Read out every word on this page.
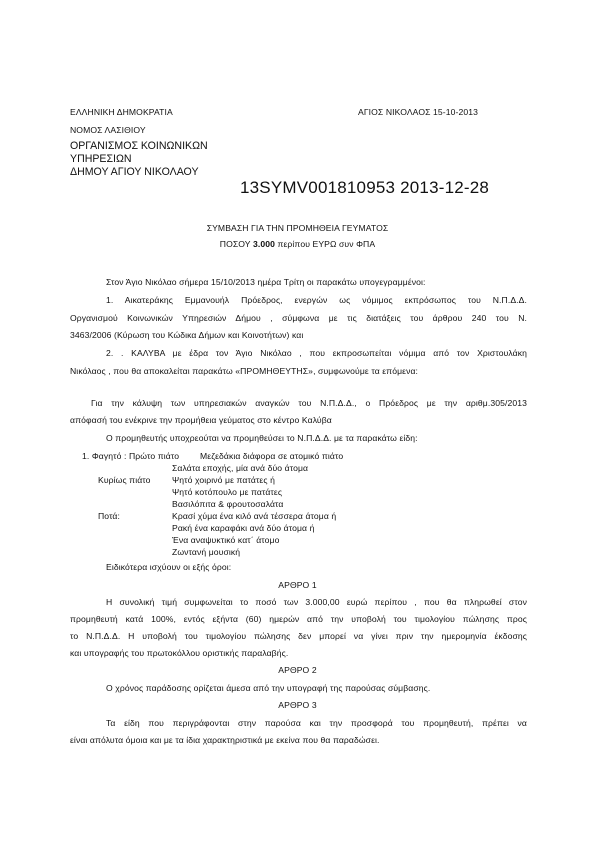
ΕΛΛΗΝΙΚΗ ΔΗΜΟΚΡΑΤΙΑ	ΑΓΙΟΣ ΝΙΚΟΛΑΟΣ 15-10-2013
ΝΟΜΟΣ ΛΑΣΙΘΙΟΥ
ΟΡΓΑΝΙΣΜΟΣ ΚΟΙΝΩΝΙΚΩΝ
ΥΠΗΡΕΣΙΩΝ
ΔΗΜΟΥ ΑΓΙΟΥ ΝΙΚΟΛΑΟΥ
13SYMV001810953 2013-12-28
ΣΥΜΒΑΣΗ ΓΙΑ ΤΗΝ ΠΡΟΜΗΘΕΙΑ ΓΕΥΜΑΤΟΣ
ΠΟΣΟΥ 3.000 περίπου ΕΥΡΩ συν ΦΠΑ
Στον Άγιο Νικόλαο σήμερα 15/10/2013 ημέρα Τρίτη οι παρακάτω υπογεγραμμένοι:
1. Αικατεράκης Εμμανουήλ Πρόεδρος, ενεργών ως νόμιμος εκπρόσωπος του Ν.Π.Δ.Δ.
Οργανισμού Κοινωνικών Υπηρεσιών Δήμου , σύμφωνα με τις διατάξεις του άρθρου 240 του Ν.
3463/2006 (Κύρωση του Κώδικα Δήμων και Κοινοτήτων) και
2. . ΚΑΛΥΒΑ με έδρα τον Άγιο Νικόλαο , που εκπροσωπείται νόμιμα από τον Χριστουλάκη
Νικόλαος , που θα αποκαλείται παρακάτω «ΠΡΟΜΗΘΕΥΤΗΣ», συμφωνούμε τα επόμενα:
Για την κάλυψη των υπηρεσιακών αναγκών του Ν.Π.Δ.Δ., ο Πρόεδρος με την αριθμ.305/2013
απόφασή του ενέκρινε την προμήθεια γεύματος στο κέντρο Καλύβα
Ο προμηθευτής υποχρεούται να προμηθεύσει το Ν.Π.Δ.Δ. με τα παρακάτω είδη:
1. Φαγητό : Πρώτο πιάτο Μεζεδάκια διάφορα σε ατομικό πιάτο
Σαλάτα εποχής, μία ανά δύο άτομα
Κυρίως πιάτο Ψητό χοιρινό με πατάτες ή
Ψητό κοτόπουλο με πατάτες
Βασιλόπιτα & φρουτοσαλάτα
Ποτά:	Κρασί χύμα ένα κιλό ανά τέσσερα άτομα ή
Ρακή ένα καραφάκι ανά δύο άτομα ή
Ένα αναψυκτικό κατ΄ άτομο
Ζωντανή μουσική
Ειδικότερα ισχύουν οι εξής όροι:
ΑΡΘΡΟ 1
Η συνολική τιμή συμφωνείται το ποσό των 3.000,00 ευρώ περίπου , που θα πληρωθεί στον
προμηθευτή κατά 100%, εντός εξήντα (60) ημερών από την υποβολή του τιμολογίου πώλησης προς
το Ν.Π.Δ.Δ. Η υποβολή του τιμολογίου πώλησης δεν μπορεί να γίνει πριν την ημερομηνία έκδοσης
και υπογραφής του πρωτοκόλλου οριστικής παραλαβής.
ΑΡΘΡΟ 2
Ο χρόνος παράδοσης ορίζεται άμεσα από την υπογραφή της παρούσας σύμβασης.
ΑΡΘΡΟ 3
Τα είδη που περιγράφονται στην παρούσα και την προσφορά του προμηθευτή, πρέπει να
είναι απόλυτα όμοια και με τα ίδια χαρακτηριστικά με εκείνα που θα παραδώσει.
